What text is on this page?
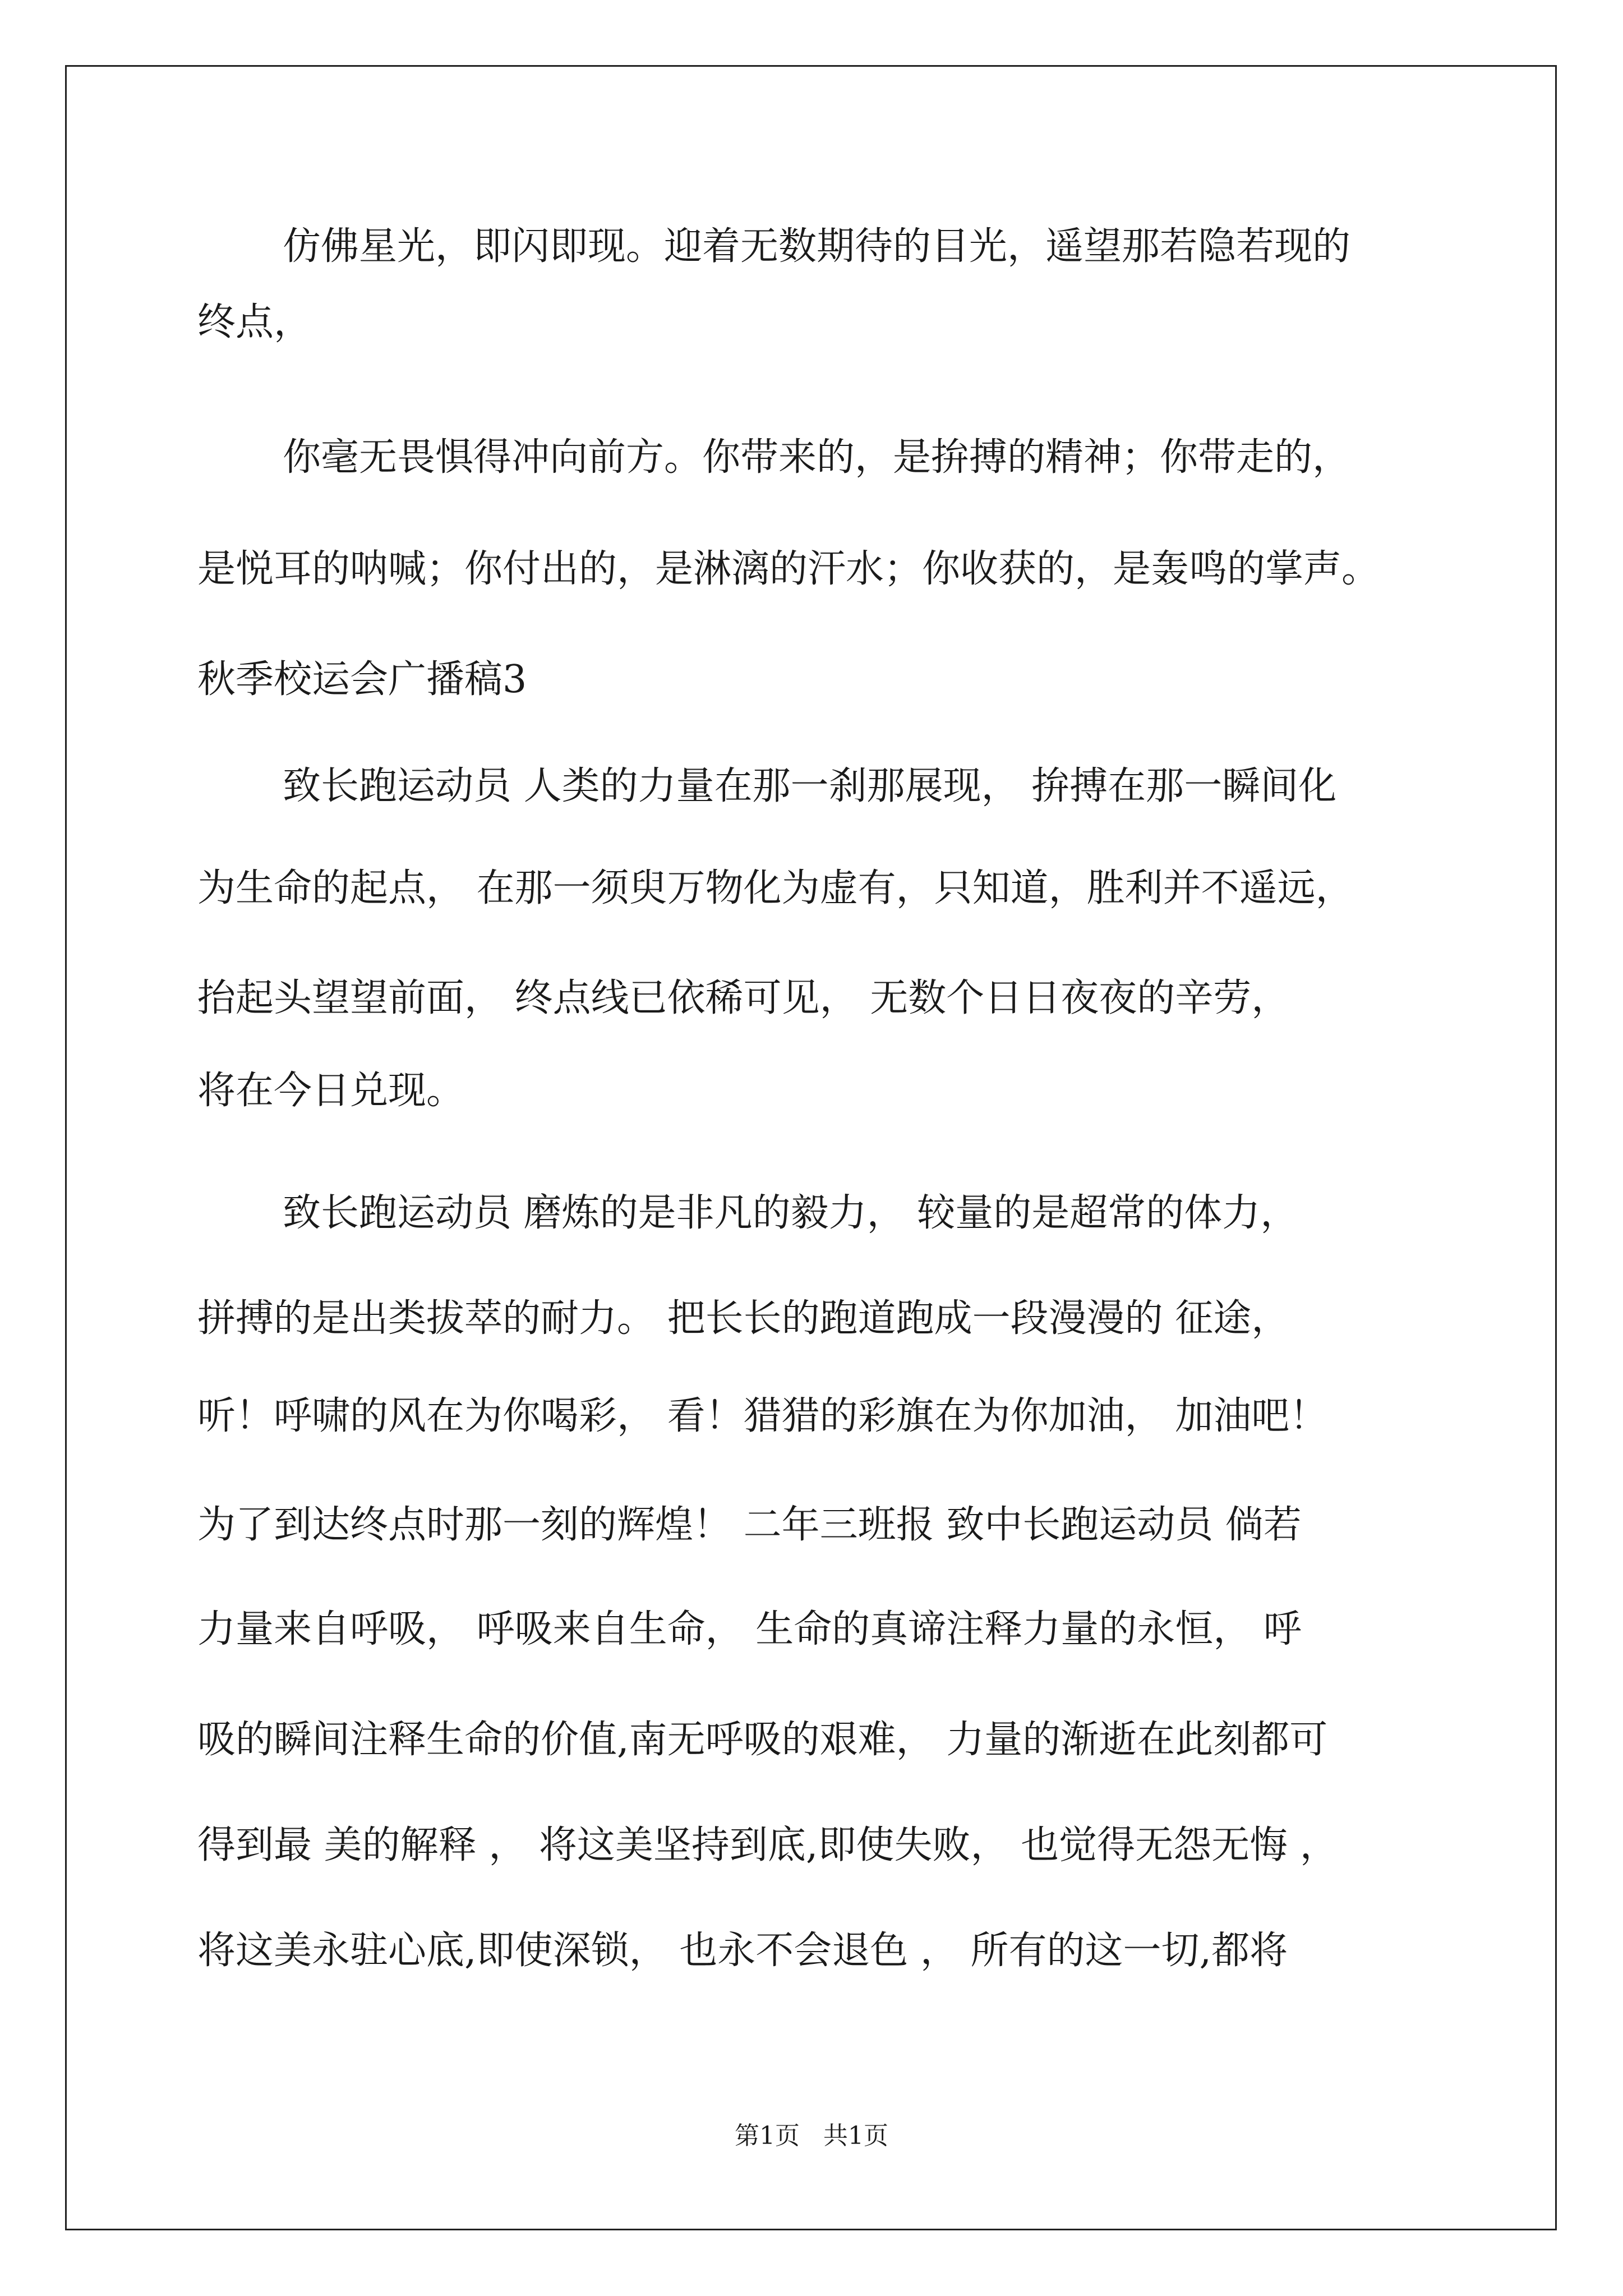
仿佛星光，即闪即现。迎着无数期待的目光，遥望那若隐若现的
终点，
你毫无畏惧得冲向前方。你带来的，是拚搏的精神；你带走的，
是悦耳的呐喊；你付出的，是淋漓的汗水；你收获的，是轰鸣的掌声。
秋季校运会广播稿3
致长跑运动员 人类的力量在那一刹那展现， 拚搏在那一瞬间化
为生命的起点， 在那一须臾万物化为虚有，只知道，胜利并不遥远，
抬起头望望前面， 终点线已依稀可见， 无数个日日夜夜的辛劳，
将在今日兑现。
致长跑运动员 磨炼的是非凡的毅力， 较量的是超常的体力，
拼搏的是出类拔萃的耐力。 把长长的跑道跑成一段漫漫的 征途，
听！呼啸的风在为你喝彩， 看！猎猎的彩旗在为你加油， 加油吧！
为了到达终点时那一刻的辉煌！ 二年三班报 致中长跑运动员 倘若
力量来自呼吸， 呼吸来自生命， 生命的真谛注释力量的永恒， 呼
吸的瞬间注释生命的价值,南无呼吸的艰难， 力量的渐逝在此刻都可
得到最 美的解释 ， 将这美坚持到底,即使失败， 也觉得无怨无悔 ，
将这美永驻心底,即使深锁， 也永不会退色 ， 所有的这一切,都将
第1页   共1页
